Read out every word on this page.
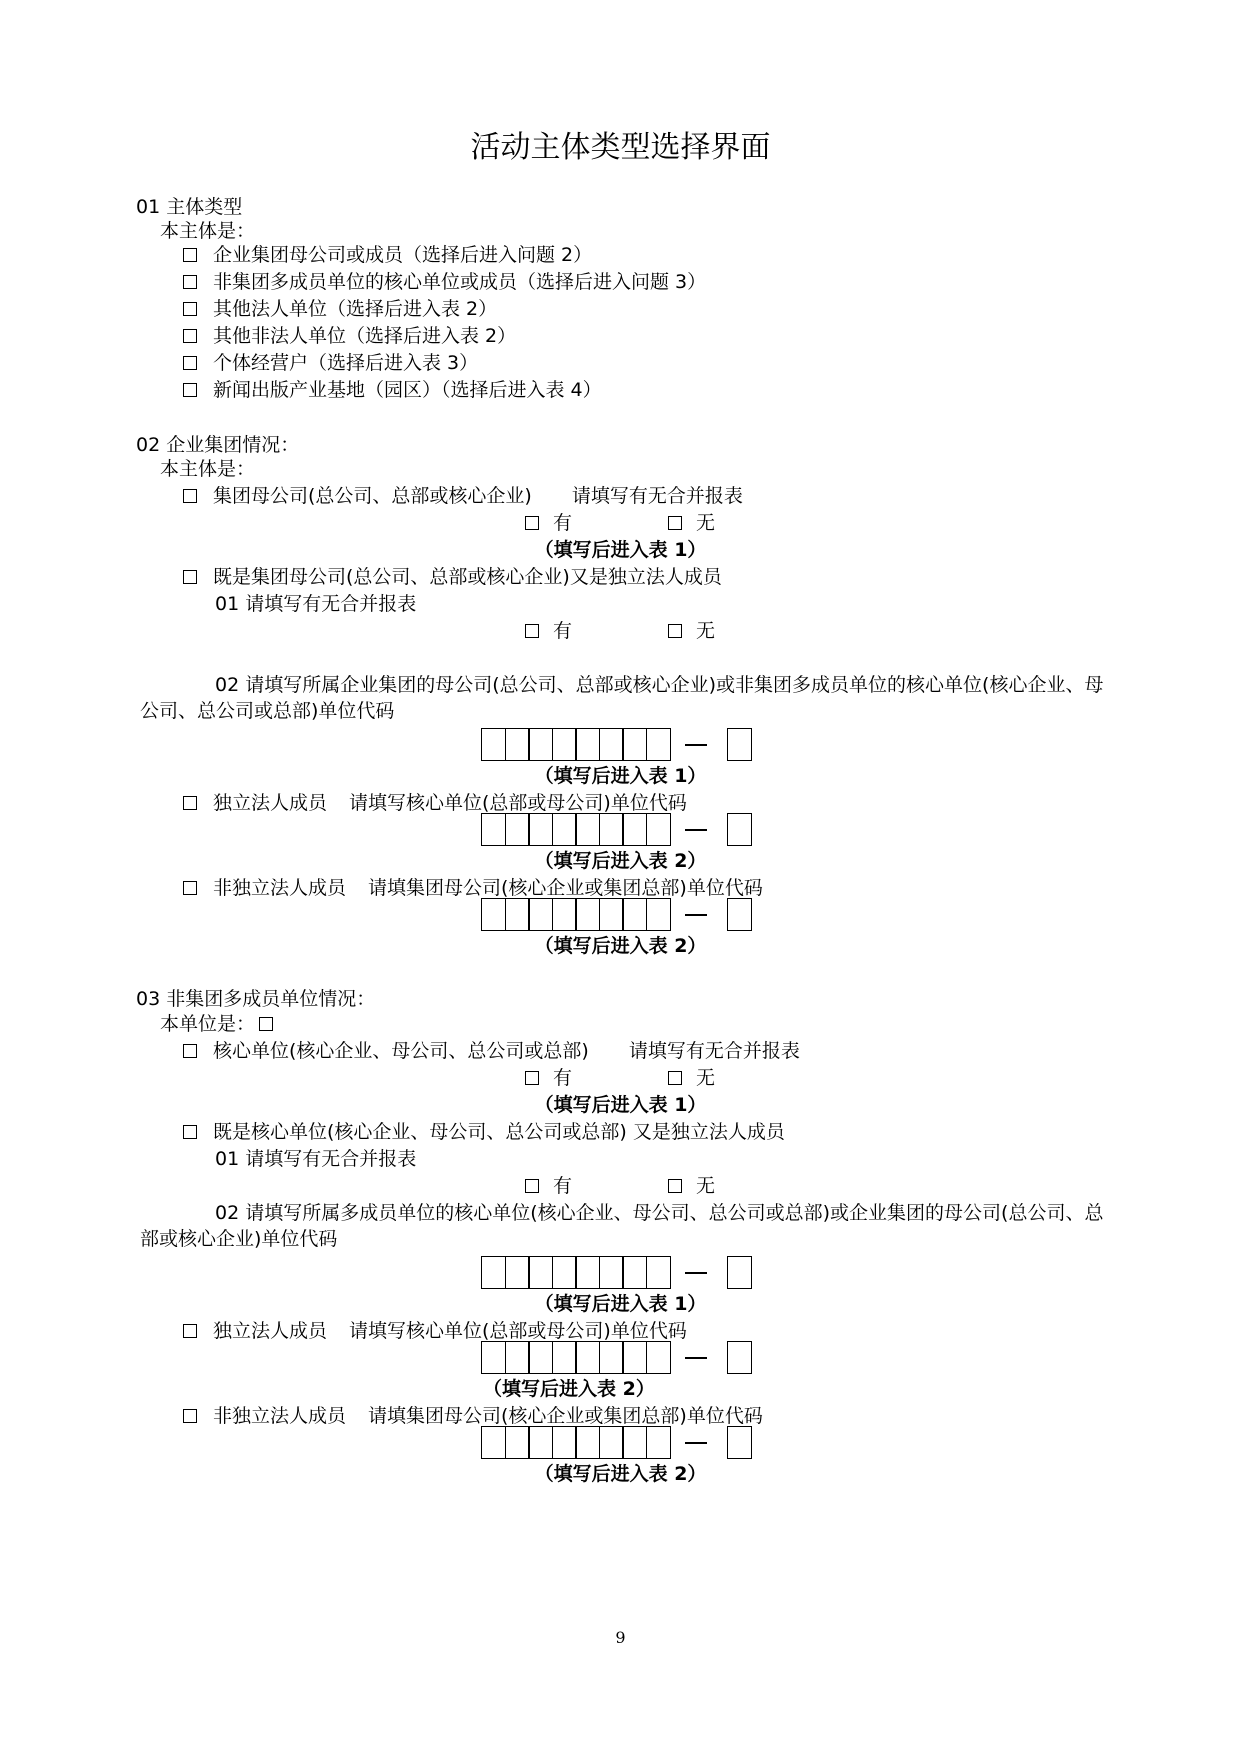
活动主体类型选择界面
01 主体类型
本主体是：
企业集团母公司或成员（选择后进入问题 2）
非集团多成员单位的核心单位或成员（选择后进入问题 3）
其他法人单位（选择后进入表 2）
其他非法人单位（选择后进入表 2）
个体经营户（选择后进入表 3）
新闻出版产业基地（园区）（选择后进入表 4）
02 企业集团情况：
本主体是：
集团母公司(总公司、总部或核心企业) 请填写有无合并报表
有	无
（填写后进入表 1）
既是集团母公司(总公司、总部或核心企业)又是独立法人成员
01 请填写有无合并报表
有	无
02 请填写所属企业集团的母公司(总公司、总部或核心企业)或非集团多成员单位的核心单位(核心企业、母公司、总公司或总部)单位代码
（填写后进入表 1）
独立法人成员 请填写核心单位(总部或母公司)单位代码
（填写后进入表 2）
非独立法人成员 请填集团母公司(核心企业或集团总部)单位代码
（填写后进入表 2）
03 非集团多成员单位情况：
本单位是：
核心单位(核心企业、母公司、总公司或总部) 请填写有无合并报表
有	无
（填写后进入表 1）
既是核心单位(核心企业、母公司、总公司或总部) 又是独立法人成员
01 请填写有无合并报表
有	无
02 请填写所属多成员单位的核心单位(核心企业、母公司、总公司或总部)或企业集团的母公司(总公司、总部或核心企业)单位代码
（填写后进入表 1）
独立法人成员 请填写核心单位(总部或母公司)单位代码
（填写后进入表 2）
非独立法人成员 请填集团母公司(核心企业或集团总部)单位代码
（填写后进入表 2）
9
